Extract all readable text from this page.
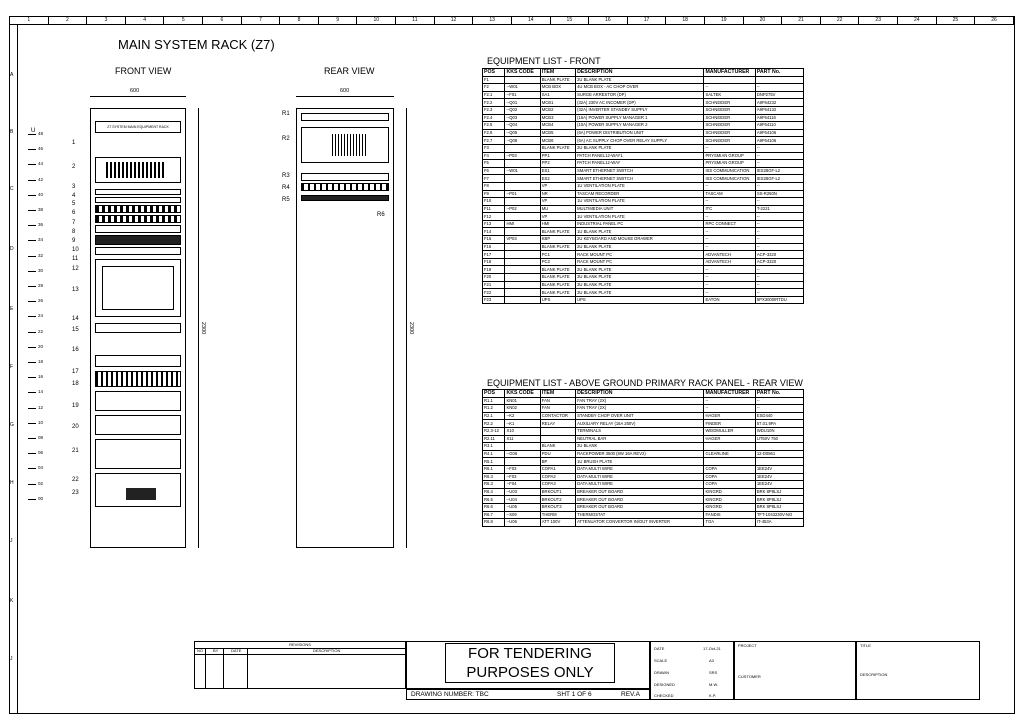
1	2	3	4	5	6	7	8	9	10	11	12	13	14	15	16	17	18	19	20	21	22	23	24	25	26
A
B
C
D
E
F
G
H
J
K
J
MAIN SYSTEM RACK (Z7)
FRONT VIEW	REAR VIEW
600	600
2300	2300
48
46
44
42
40
38
36
34
32
30
28
26
24
22
20
18
16
14
12
10
08
06
04
02
00
U
Z7 SYSTEM MAIN EQUIPMENT RACK
1
2
3
4
5
6
7
8
9
10
11
12
13
14
15
16
17
18
19
20
21
22
23
R1
R2
R3
R4
R5
R6
EQUIPMENT LIST - FRONT
POS	KKS CODE	ITEM	DESCRIPTION	MANUFACTURER	PART No.
F1		BLANK PLATE	2U BLANK PLATE		
F2	--W01	MCB BOX	4U MCB BOX - AC CHOP OVER	--	--
F2.1	--F01	SA1	SURGE ARRESTOR (DP)	SALTEK	DNP275V
F2.2	--Q01	MCB1	(32A) 230V AC INCOMER (DP)	SCHNEIDER	A9F64232
F2.3	--Q02	MCB2	(32A) INVERTER STANDBY SUPPLY	SCHNEIDER	A9F64132
F2.4	--Q03	MCB3	(16A) POWER SUPPLY MANAGER 1	SCHNEIDER	A9F64116
F2.5	--Q04	MCB4	(10A) POWER SUPPLY MANAGER 2	SCHNEIDER	A9F64110
F2.6	--Q05	MCB5	(6A) POWER DISTRIBUTION UNIT	SCHNEIDER	A9F64106
F2.7	--Q06	MCB6	(6A) AC SUPPLY CHOP OVER RELAY SUPPLY	SCHNEIDER	A9F64106
F3		BLANK PLATE	2U BLANK PLATE	--	--
F4	--P03	PP1	PATCH PANEL12-WAY1	PRYSMIAN GROUP	--
F5		PP2	PATCH PANEL12-WAY	PRYSMIAN GROUP	--
F6	--W01	ES1	SMART ETHERNET SWITCH	ISS COMMUNICATION	IES28GF-L2
F7		ES2	SMART ETHERNET SWITCH	ISS COMMUNICATION	IES28GF-L2
F8		VP	1U VENTILATION PLATE	--	--
F9	--P01	NR	TASCAM RECORDER	TASCAM	SS-R250N
F10		VP	1U VENTILATION PLATE	--	--
F11	--P02	MU	MULTIMEDIA UNIT	ITC	T-2221
F12		VP	1U VENTILATION PLATE	--	--
F13	HMI	HMI	INDUSTRIAL PANEL PC	RPC CONNECT	--
F14		BLANK PLATE	1U BLANK PLATE	--	--
F15	VP03	KBP	2U KEYBOARD AND MOUSE DRAWER	--	--
F16		BLANK PLATE	2U BLANK PLATE	--	--
F17		PC1	RACK MOUNT PC	ADVANTECH	ACP-3320
F18		PC2	RACK MOUNT PC	ADVANTECH	ACP-3320
F19		BLANK PLATE	2U BLANK PLATE	--	--
F20		BLANK PLATE	3U BLANK PLATE	--	--
F21		BLANK PLATE	3U BLANK PLATE	--	--
F22		BLANK PLATE	3U BLANK PLATE	--	--
F23		UPS	UPS	EATON	5PX3000IRTDU
EQUIPMENT LIST - ABOVE GROUND PRIMARY RACK PANEL - REAR VIEW
POS	KKS CODE	ITEM	DESCRIPTION	MANUFACTURER	PART No.
R1.1	KN01	FAN	FAN TRAY (2X)	--	--
R1.2	KN02	FAN	FAN TRAY (2X)	--	--
R2.1	--K2	CONTACTOR	STANDBY CHOP OVER UNIT	HAGER	ESD440
R2.2	--K1	RELAY	AUXILIARY RELAY (16A 250V)	FINDER	57.01.9PA
R2.3-12	X10		TERMINALS	WEIDMULLER	WDU10N
R2.11	X11		NEUTRAL BAR	HAGER	UT50V 750
R3.1		BLANK	2U BLANK		
R4.1	--G06	PDU	RACKPOWER 3500 (8W 16A REV2)	CLEARLINE	12-D0861
R5.1		BP	1U BRUSH PLATE		
R6.1	--F03	COPA1	DATA MULTI WIRE	COPA	1EE24V
R6.3	--F03	COPA2	DATA MULTI WIRE	COPA	1EE24V
R6.3	--F04	COPA3	DATA MULTI WIRE	COPA	1EE24V
R6.4	--U03	BRKOUT1	BREAKER OUT BOARD	KINGRD	BRK 8P8LSJ
R6.5	--U04	BRKOUT2	BREAKER OUT BOARD	KINGRD	BRK 8P8LSJ
R6.6	--U05	BRKOUT3	BREAKER OUT BOARD	KINGRD	BRK 8P8LSJ
R6.7	--S09	THERM	THERMOSTAT	FANDIS	TFT-1043230V-NO
R6.8	--U06	ATT 100V	ATTENUATOR CONVERTOR IN/OUT INVERTER	TOA	IT-453A
REVISIONS
NO	BY	DATE	DESCRIPTION	FOR TENDERING
PURPOSES ONLY
DRAWING NUMBER: TBC	SHT 1 OF 6	REV.A
DATE	17-Oct-21
SCALE	A3
DRAWN	SRS
DESIGNED	M.W.
CHECKED	K.P.
PROJECT
CUSTOMER
TITLE
DESCRIPTION
